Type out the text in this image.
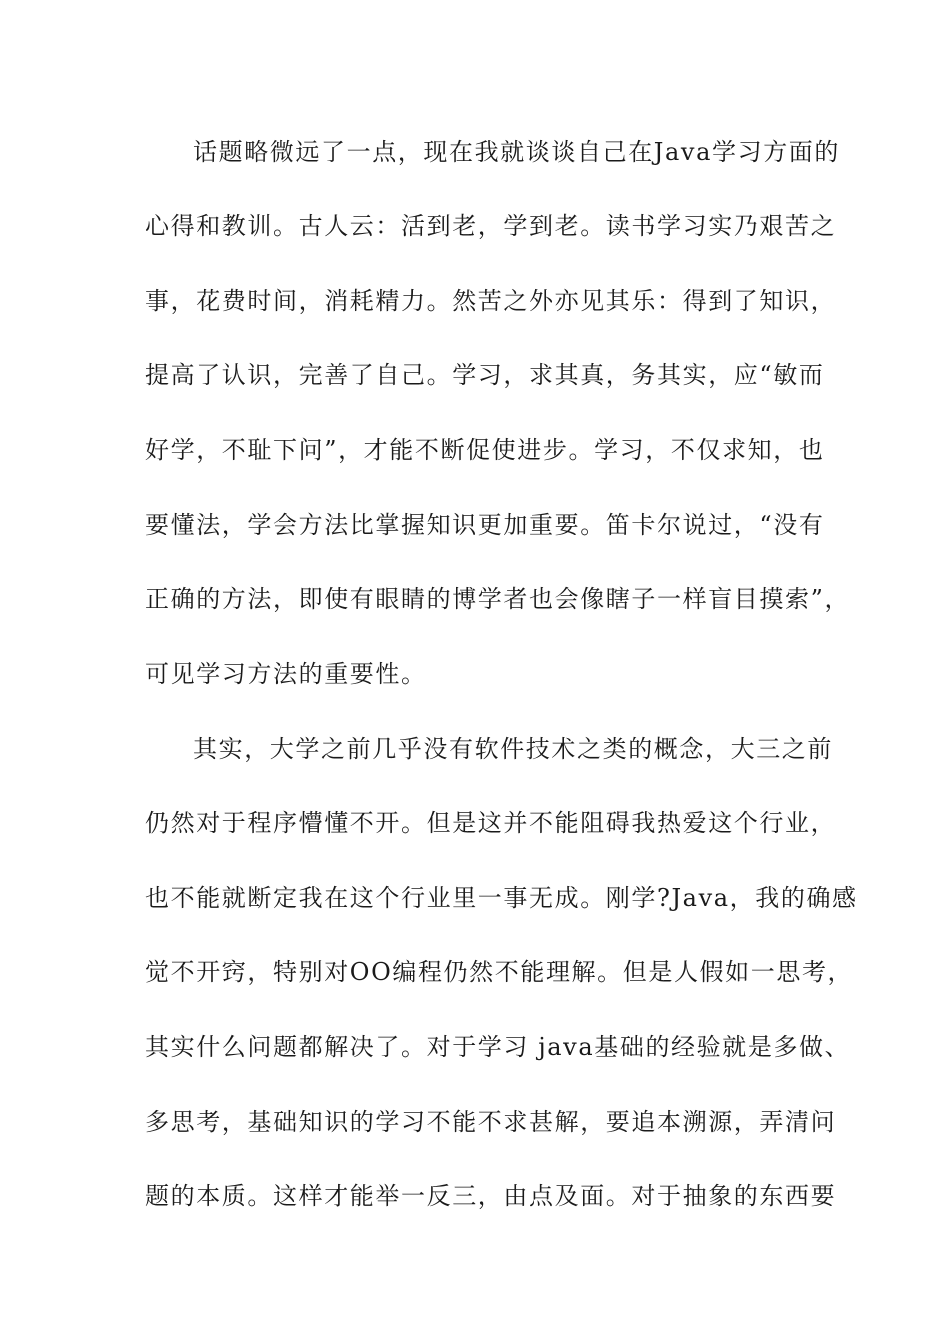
话题略微远了一点，现在我就谈谈自己在Java学习方面的
心得和教训。古人云：活到老，学到老。读书学习实乃艰苦之
事，花费时间，消耗精力。然苦之外亦见其乐：得到了知识，
提高了认识，完善了自己。学习，求其真，务其实，应“敏而
好学，不耻下问”，才能不断促使进步。学习，不仅求知，也
要懂法，学会方法比掌握知识更加重要。笛卡尔说过，“没有
正确的方法，即使有眼睛的博学者也会像瞎子一样盲目摸索”，
可见学习方法的重要性。
其实，大学之前几乎没有软件技术之类的概念，大三之前
仍然对于程序懵懂不开。但是这并不能阻碍我热爱这个行业，
也不能就断定我在这个行业里一事无成。刚学?Java，我的确感
觉不开窍，特别对OO编程仍然不能理解。但是人假如一思考，
其实什么问题都解决了。对于学习 java基础的经验就是多做、
多思考，基础知识的学习不能不求甚解，要追本溯源，弄清问
题的本质。这样才能举一反三，由点及面。对于抽象的东西要
